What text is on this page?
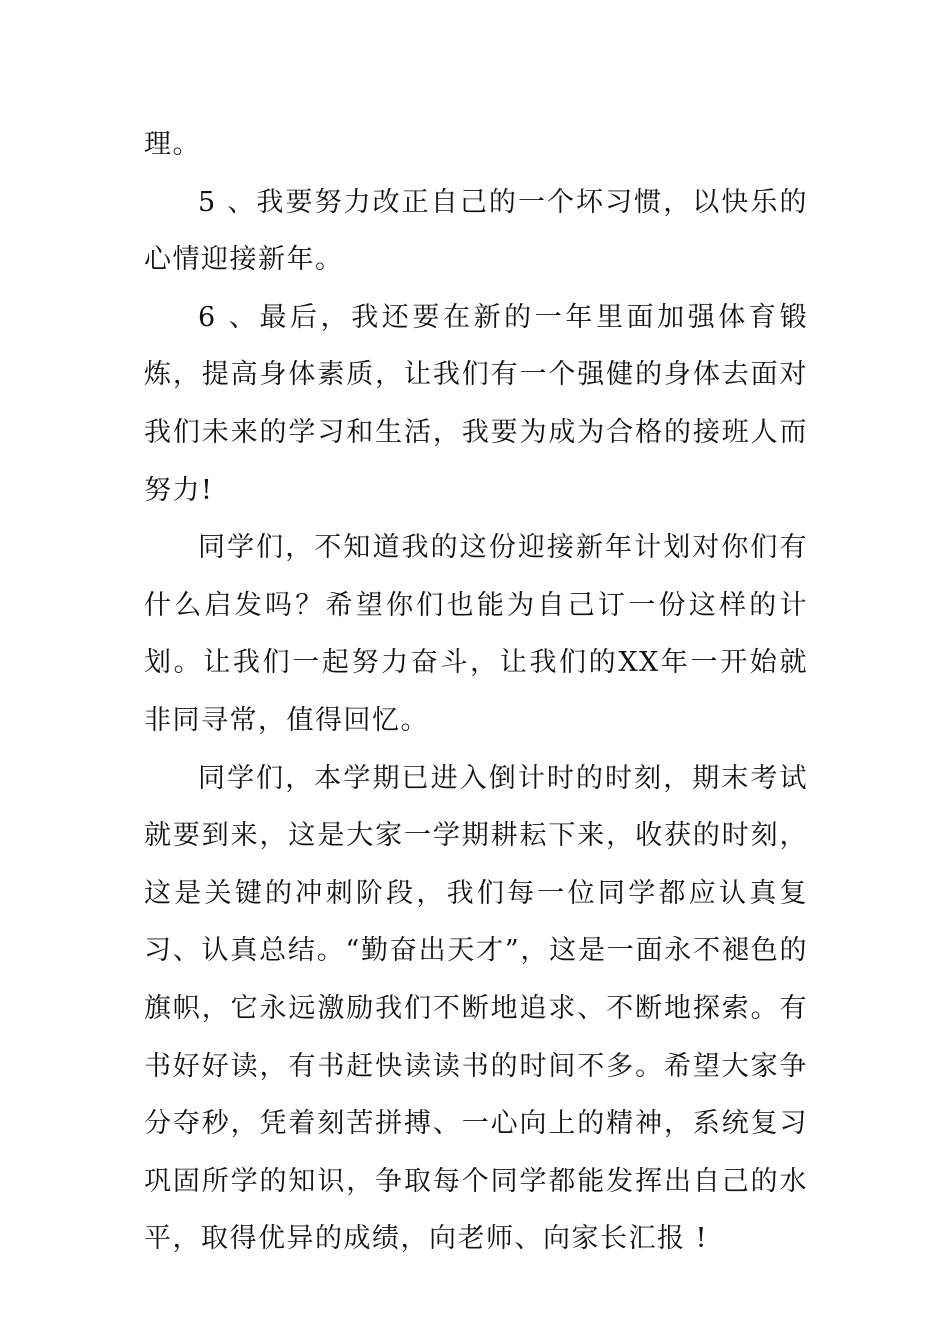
理。

5 、我要努力改正自己的一个坏习惯，以快乐的心情迎接新年。

6 、最后，我还要在新的一年里面加强体育锻炼，提高身体素质，让我们有一个强健的身体去面对我们未来的学习和生活，我要为成为合格的接班人而努力!

同学们，不知道我的这份迎接新年计划对你们有什么启发吗？希望你们也能为自己订一份这样的计划。让我们一起努力奋斗，让我们的XX年一开始就非同寻常，值得回忆。

同学们，本学期已进入倒计时的时刻，期末考试就要到来，这是大家一学期耕耘下来，收获的时刻，这是关键的冲刺阶段，我们每一位同学都应认真复习、认真总结。“勤奋出天才”，这是一面永不褪色的旗帜，它永远激励我们不断地追求、不断地探索。有书好好读，有书赶快读读书的时间不多。希望大家争分夺秒，凭着刻苦拼搏、一心向上的精神，系统复习巩固所学的知识，争取每个同学都能发挥出自己的水平，取得优异的成绩，向老师、向家长汇报 !
